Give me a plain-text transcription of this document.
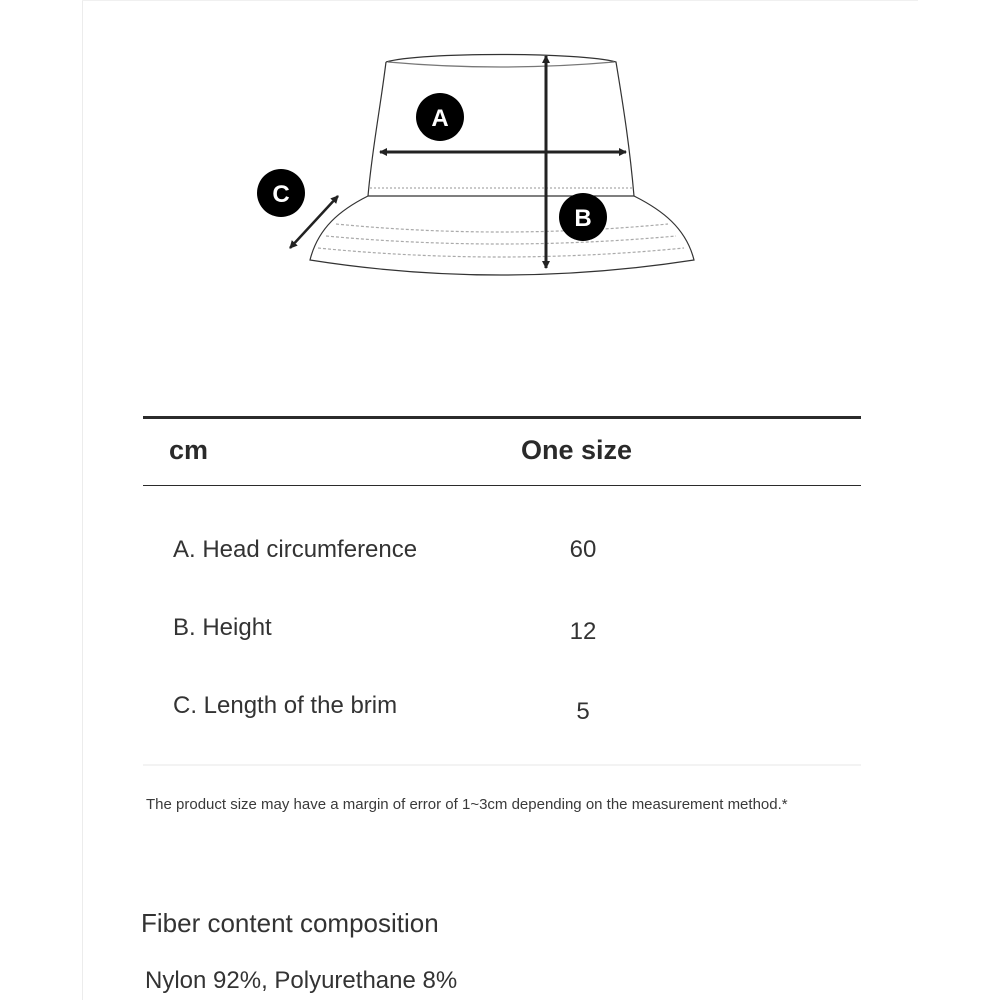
A
B
C
cm	One size
A. Head circumference	60
B. Height	12
C. Length of the brim	5
The product size may have a margin of error of 1~3cm depending on the measurement method.*
Fiber content composition
Nylon 92%, Polyurethane 8%
